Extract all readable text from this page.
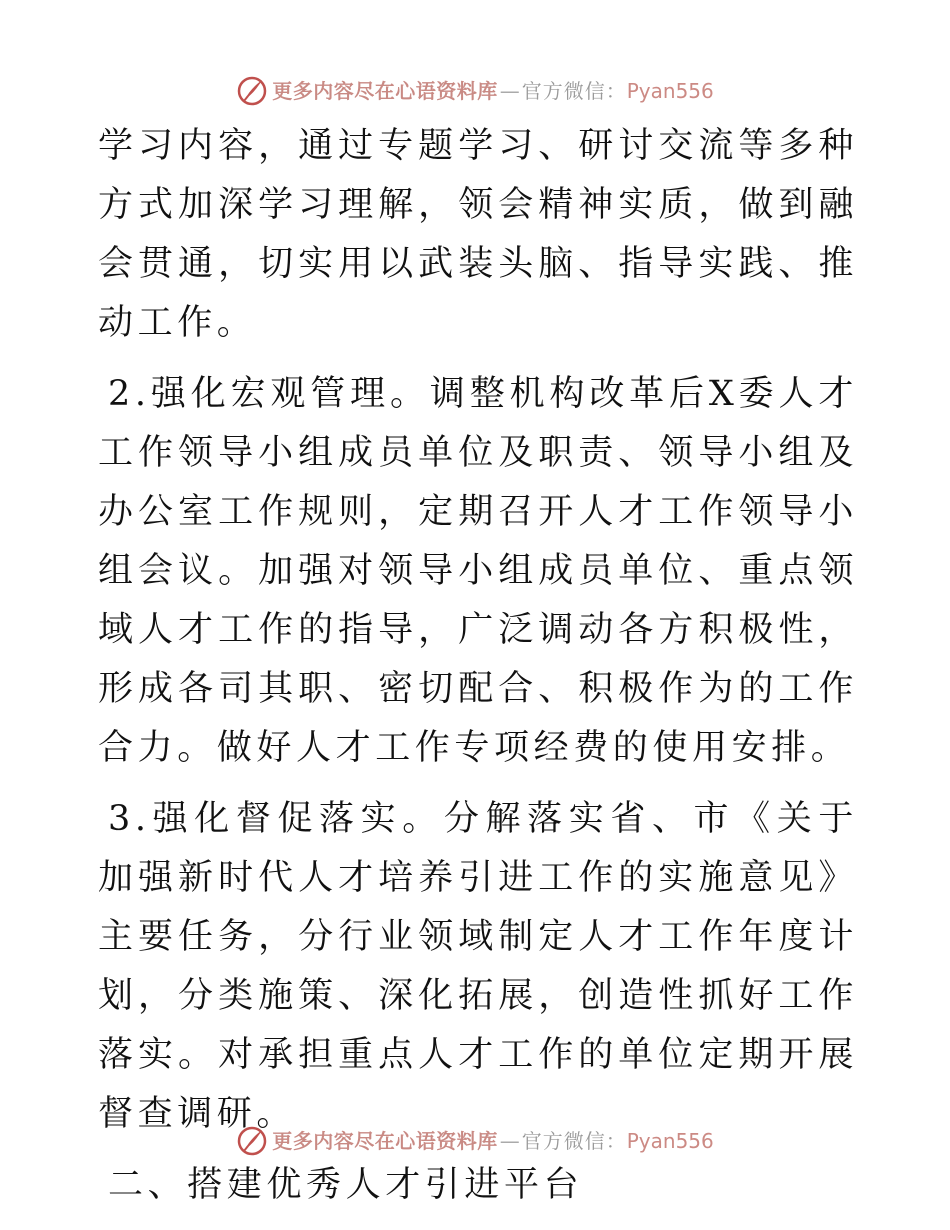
更多内容尽在心语资料库 — 官方微信： Pyan556

学习内容，通过专题学习、研讨交流等多种方式加深学习理解，领会精神实质，做到融会贯通，切实用以武装头脑、指导实践、推动工作。

2.强化宏观管理。调整机构改革后X委人才工作领导小组成员单位及职责、领导小组及办公室工作规则，定期召开人才工作领导小组会议。加强对领导小组成员单位、重点领域人才工作的指导，广泛调动各方积极性，形成各司其职、密切配合、积极作为的工作合力。做好人才工作专项经费的使用安排。

3.强化督促落实。分解落实省、市《关于加强新时代人才培养引进工作的实施意见》主要任务，分行业领域制定人才工作年度计划，分类施策、深化拓展，创造性抓好工作落实。对承担重点人才工作的单位定期开展督查调研。

二、搭建优秀人才引进平台

更多内容尽在心语资料库 — 官方微信： Pyan556
